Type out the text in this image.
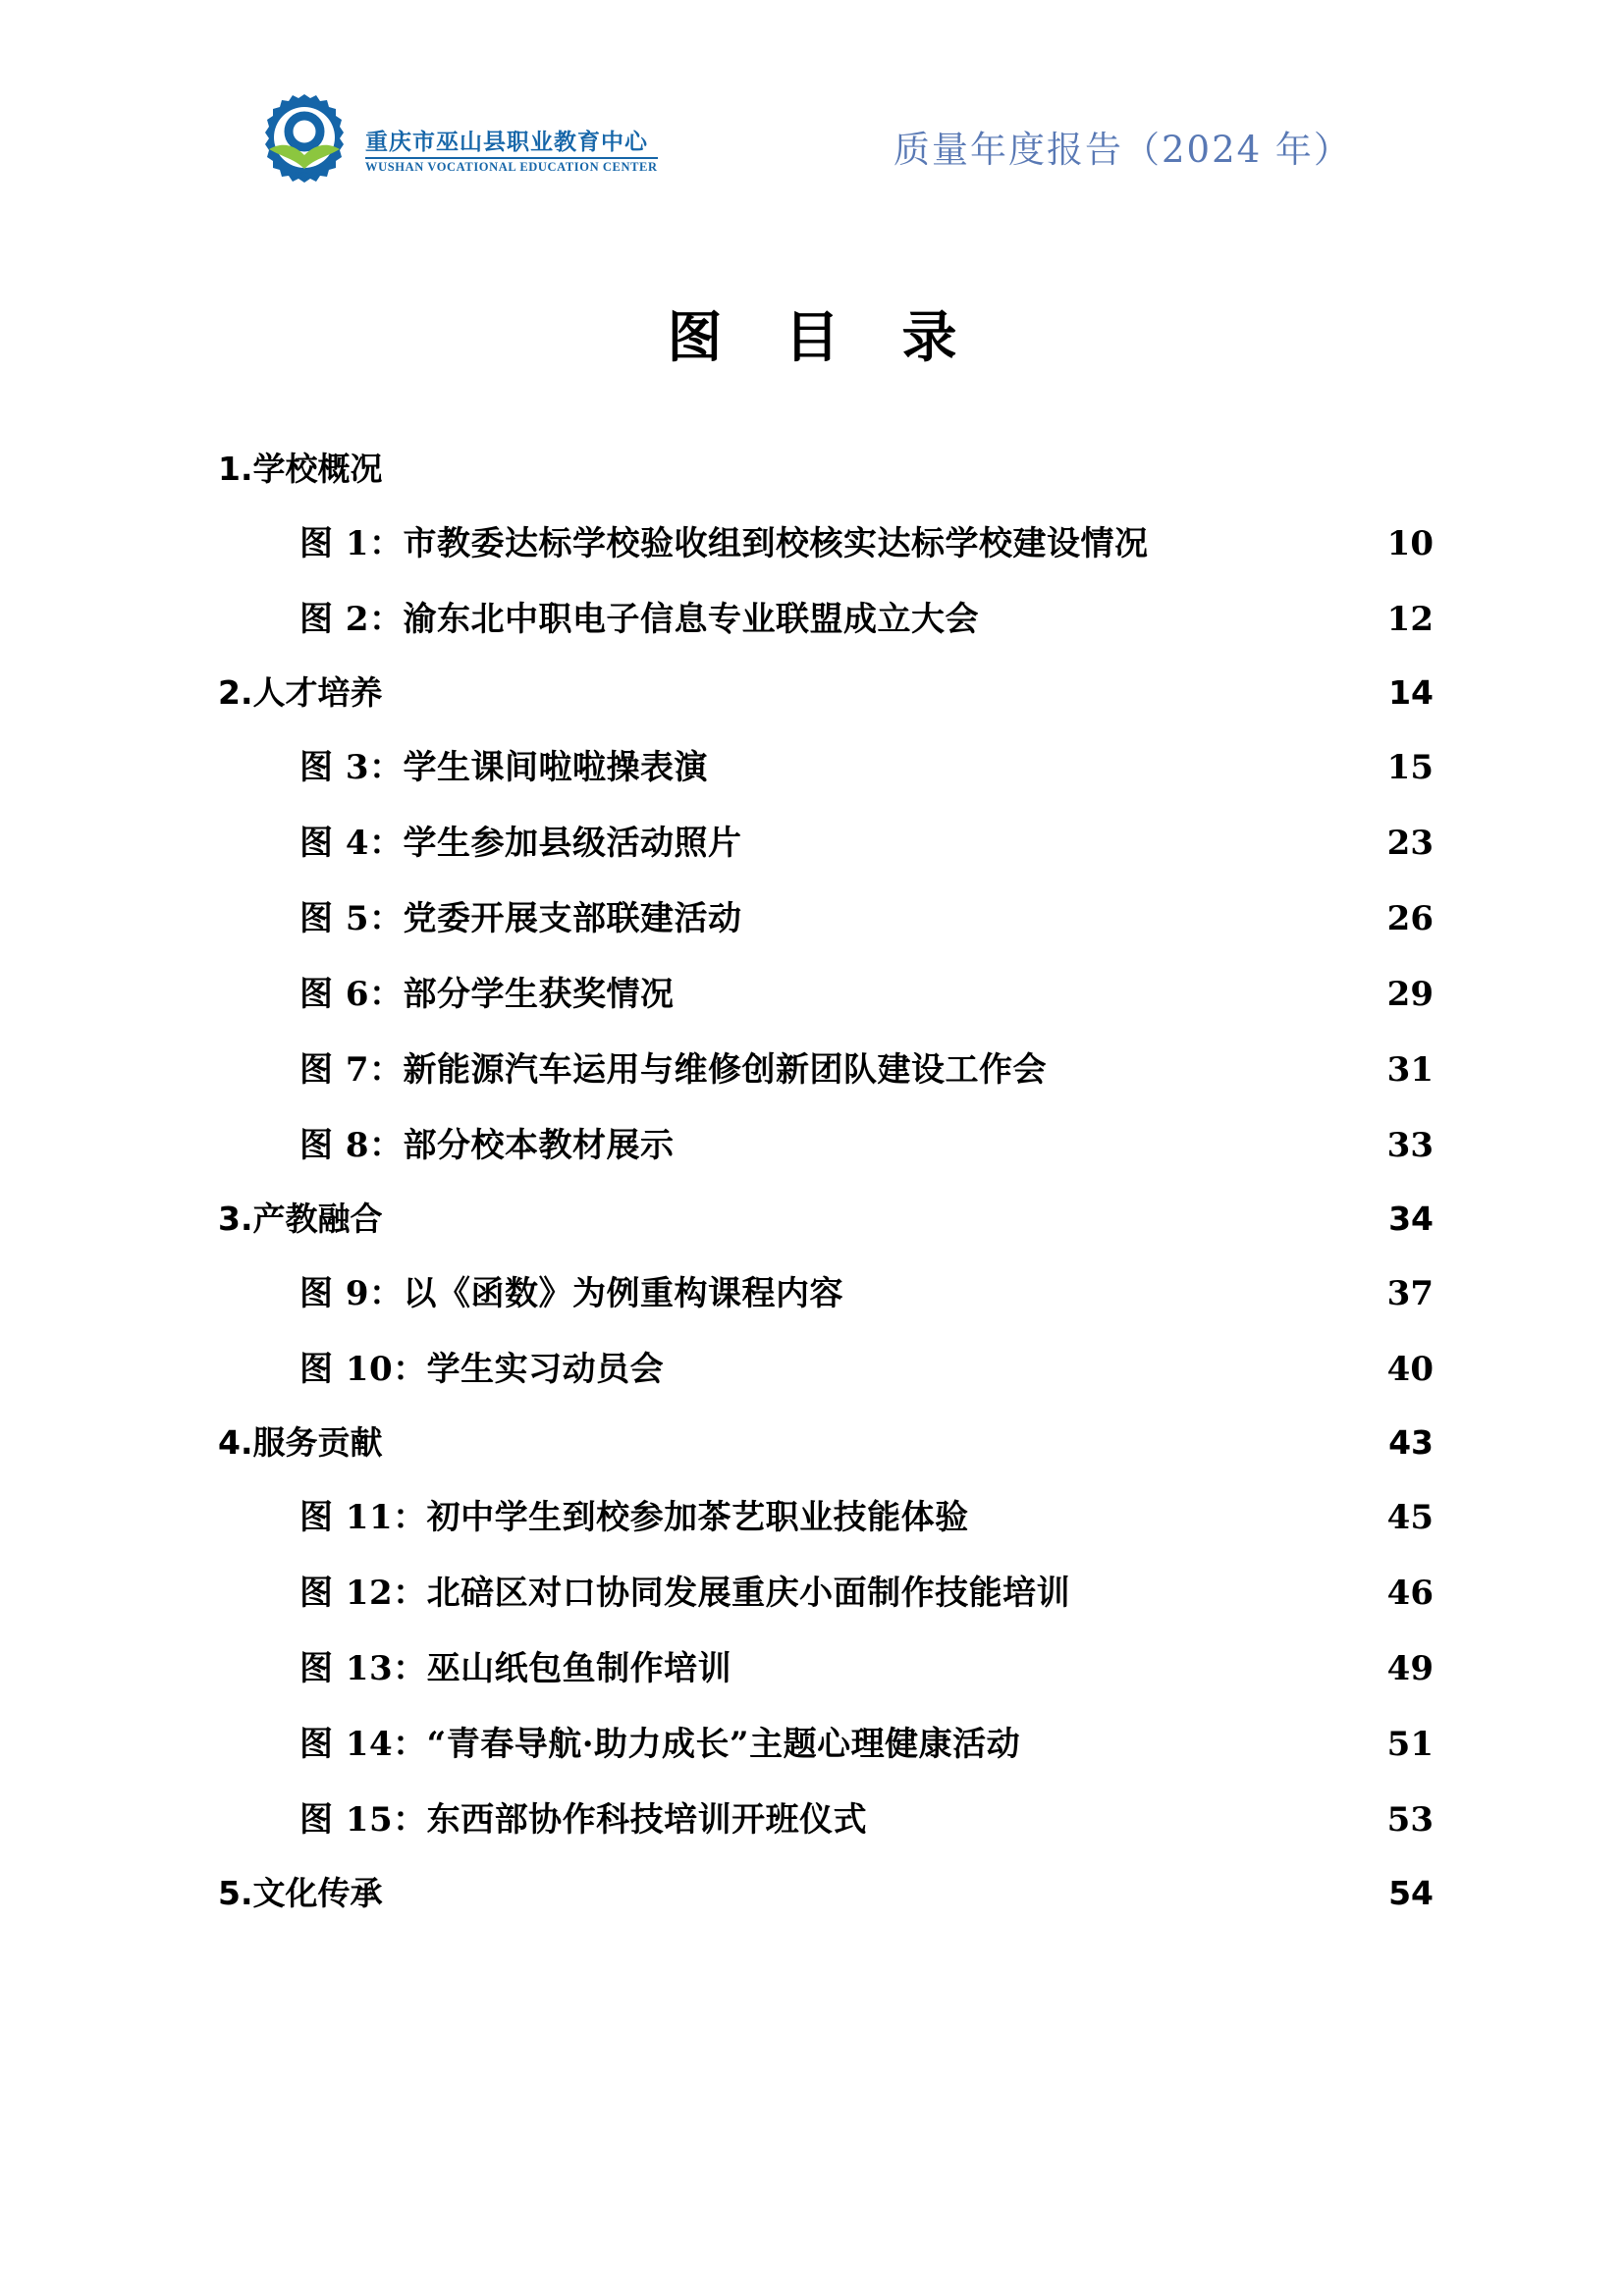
WSZJ
重庆市巫山县职业教育中心
WUSHAN VOCATIONAL EDUCATION CENTER	质量年度报告（2024 年）
图 目 录
1.学校概况
图 1：市教委达标学校验收组到校核实达标学校建设情况	10
图 2：渝东北中职电子信息专业联盟成立大会	12
2.人才培养	14
图 3：学生课间啦啦操表演	15
图 4：学生参加县级活动照片	23
图 5：党委开展支部联建活动	26
图 6：部分学生获奖情况	29
图 7：新能源汽车运用与维修创新团队建设工作会	31
图 8：部分校本教材展示	33
3.产教融合	34
图 9：以《函数》为例重构课程内容	37
图 10：学生实习动员会	40
4.服务贡献	43
图 11：初中学生到校参加茶艺职业技能体验	45
图 12：北碚区对口协同发展重庆小面制作技能培训	46
图 13：巫山纸包鱼制作培训	49
图 14：“青春导航·助力成长”主题心理健康活动	51
图 15：东西部协作科技培训开班仪式	53
5.文化传承	54
